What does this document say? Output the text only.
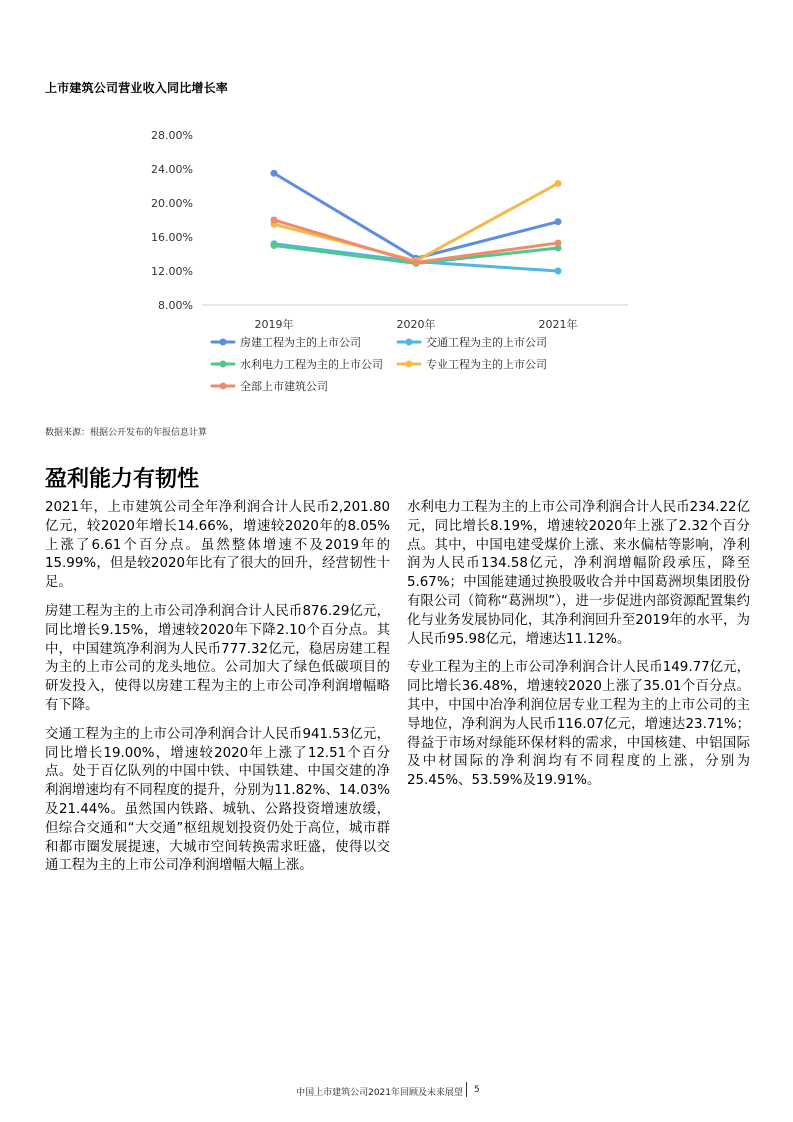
上市建筑公司营业收入同比增长率
28.00%
24.00%
20.00%
16.00%
12.00%
8.00%
2019年	2020年	2021年
房建工程为主的上市公司	交通工程为主的上市公司
水利电力工程为主的上市公司	专业工程为主的上市公司
全部上市建筑公司
数据来源：根据公开发布的年报信息计算
盈利能力有韧性

2021年，上市建筑公司全年净利润合计人民币2,201.80亿元，较2020年增长14.66%，增速较2020年的8.05%上涨了6.61个百分点。虽然整体增速不及2019年的15.99%，但是较2020年比有了很大的回升，经营韧性十足。

房建工程为主的上市公司净利润合计人民币876.29亿元，同比增长9.15%，增速较2020年下降2.10个百分点。其中，中国建筑净利润为人民币777.32亿元，稳居房建工程为主的上市公司的龙头地位。公司加大了绿色低碳项目的研发投入，使得以房建工程为主的上市公司净利润增幅略有下降。

交通工程为主的上市公司净利润合计人民币941.53亿元，同比增长19.00%，增速较2020年上涨了12.51个百分点。处于百亿队列的中国中铁、中国铁建、中国交建的净利润增速均有不同程度的提升，分别为11.82%、14.03%及21.44%。虽然国内铁路、城轨、公路投资增速放缓，但综合交通和“大交通”枢纽规划投资仍处于高位，城市群和都市圈发展提速，大城市空间转换需求旺盛，使得以交通工程为主的上市公司净利润增幅大幅上涨。

水利电力工程为主的上市公司净利润合计人民币234.22亿元，同比增长8.19%，增速较2020年上涨了2.32个百分点。其中，中国电建受煤价上涨、来水偏枯等影响，净利润为人民币134.58亿元，净利润增幅阶段承压，降至5.67%；中国能建通过换股吸收合并中国葛洲坝集团股份有限公司（简称“葛洲坝”），进一步促进内部资源配置集约化与业务发展协同化，其净利润回升至2019年的水平，为人民币95.98亿元，增速达11.12%。

专业工程为主的上市公司净利润合计人民币149.77亿元，同比增长36.48%，增速较2020上涨了35.01个百分点。其中，中国中冶净利润位居专业工程为主的上市公司的主导地位，净利润为人民币116.07亿元，增速达23.71%；得益于市场对绿能环保材料的需求，中国核建、中铝国际及中材国际的净利润均有不同程度的上涨，分别为25.45%、53.59%及19.91%。

中国上市建筑公司2021年回顾及未来展望 5
